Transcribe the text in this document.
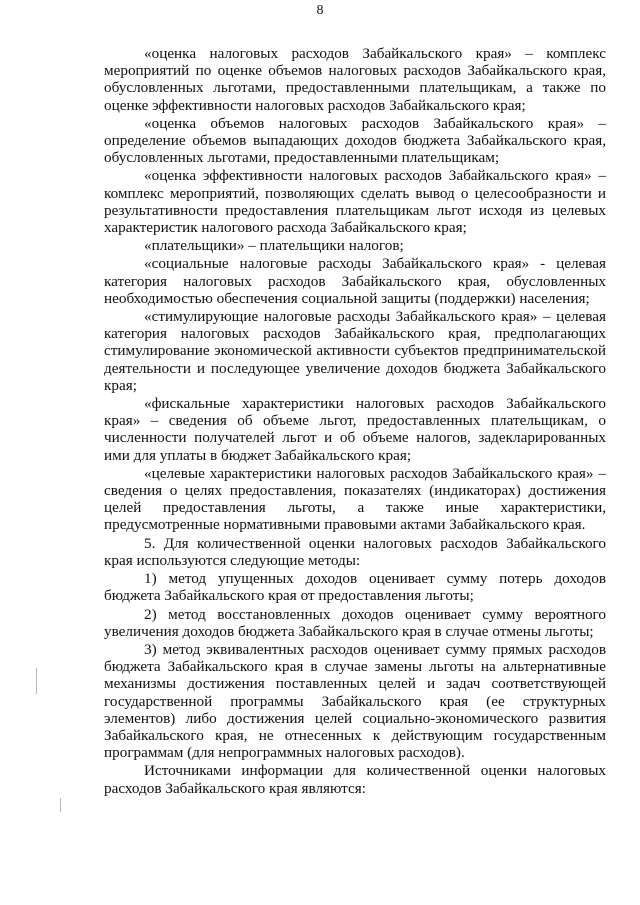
8

«оценка налоговых расходов Забайкальского края» – комплекс мероприятий по оценке объемов налоговых расходов Забайкальского края, обусловленных льготами, предоставленными плательщикам, а также по оценке эффективности налоговых расходов Забайкальского края;

«оценка объемов налоговых расходов Забайкальского края» – определение объемов выпадающих доходов бюджета Забайкальского края, обусловленных льготами, предоставленными плательщикам;

«оценка эффективности налоговых расходов Забайкальского края» – комплекс мероприятий, позволяющих сделать вывод о целесообразности и результативности предоставления плательщикам льгот исходя из целевых характеристик налогового расхода Забайкальского края;

«плательщики» – плательщики налогов;

«социальные налоговые расходы Забайкальского края» - целевая категория налоговых расходов Забайкальского края, обусловленных необходимостью обеспечения социальной защиты (поддержки) населения;

«стимулирующие налоговые расходы Забайкальского края» – целевая категория налоговых расходов Забайкальского края, предполагающих стимулирование экономической активности субъектов предпринимательской деятельности и последующее увеличение доходов бюджета Забайкальского края;

«фискальные характеристики налоговых расходов Забайкальского края» – сведения об объеме льгот, предоставленных плательщикам, о численности получателей льгот и об объеме налогов, задекларированных ими для уплаты в бюджет Забайкальского края;

«целевые характеристики налоговых расходов Забайкальского края» – сведения о целях предоставления, показателях (индикаторах) достижения целей предоставления льготы, а также иные характеристики, предусмотренные нормативными правовыми актами Забайкальского края.

5. Для количественной оценки налоговых расходов Забайкальского края используются следующие методы:

1) метод упущенных доходов оценивает сумму потерь доходов бюджета Забайкальского края от предоставления льготы;

2) метод восстановленных доходов оценивает сумму вероятного увеличения доходов бюджета Забайкальского края в случае отмены льготы;

3) метод эквивалентных расходов оценивает сумму прямых расходов бюджета Забайкальского края в случае замены льготы на альтернативные механизмы достижения поставленных целей и задач соответствующей государственной программы Забайкальского края (ее структурных элементов) либо достижения целей социально-экономического развития Забайкальского края, не отнесенных к действующим государственным программам (для непрограммных налоговых расходов).

Источниками информации для количественной оценки налоговых расходов Забайкальского края являются:
